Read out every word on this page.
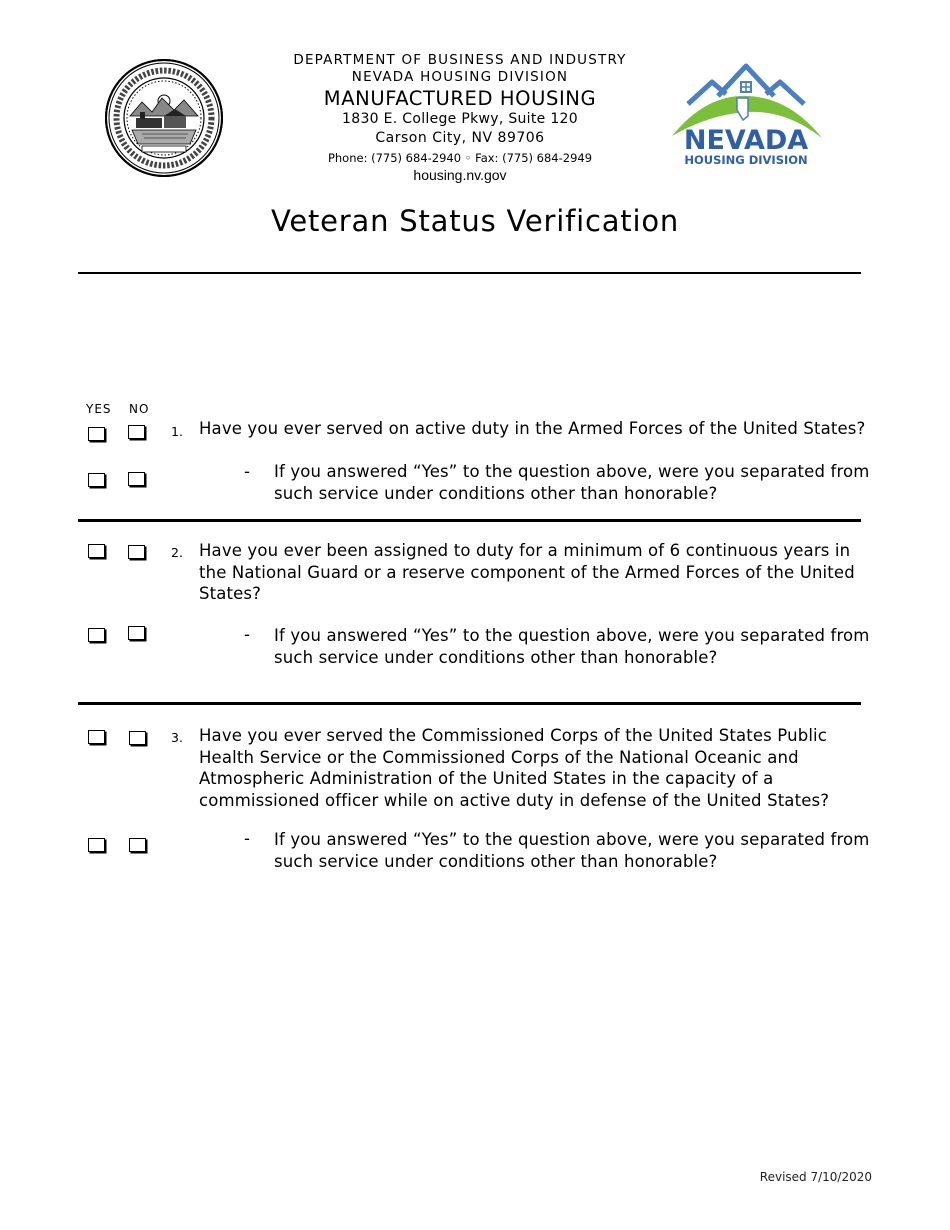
DEPARTMENT OF BUSINESS AND INDUSTRY
NEVADA HOUSING DIVISION
MANUFACTURED HOUSING
1830 E. College Pkwy, Suite 120
Carson City, NV 89706
Phone: (775) 684-2940 ◦ Fax: (775) 684-2949
housing.nv.gov
NEVADA
HOUSING DIVISION
Veteran Status Verification
YES NO
1. Have you ever served on active duty in the Armed Forces of the United States?
- If you answered “Yes” to the question above, were you separated from such service under conditions other than honorable?
2. Have you ever been assigned to duty for a minimum of 6 continuous years in the National Guard or a reserve component of the Armed Forces of the United States?
- If you answered “Yes” to the question above, were you separated from such service under conditions other than honorable?
3. Have you ever served the Commissioned Corps of the United States Public Health Service or the Commissioned Corps of the National Oceanic and Atmospheric Administration of the United States in the capacity of a commissioned officer while on active duty in defense of the United States?
- If you answered “Yes” to the question above, were you separated from such service under conditions other than honorable?
Revised 7/10/2020
